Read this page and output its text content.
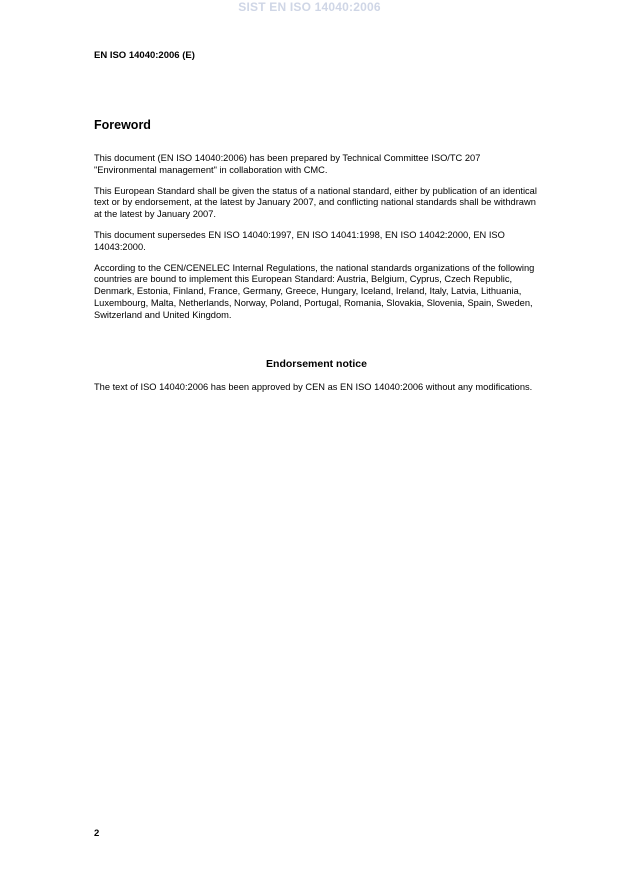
SIST EN ISO 14040:2006
EN ISO 14040:2006 (E)
Foreword

This document (EN ISO 14040:2006) has been prepared by Technical Committee ISO/TC 207 "Environmental management" in collaboration with CMC.

This European Standard shall be given the status of a national standard, either by publication of an identical text or by endorsement, at the latest by January 2007, and conflicting national standards shall be withdrawn at the latest by January 2007.

This document supersedes EN ISO 14040:1997, EN ISO 14041:1998, EN ISO 14042:2000, EN ISO 14043:2000.

According to the CEN/CENELEC Internal Regulations, the national standards organizations of the following countries are bound to implement this European Standard: Austria, Belgium, Cyprus, Czech Republic, Denmark, Estonia, Finland, France, Germany, Greece, Hungary, Iceland, Ireland, Italy, Latvia, Lithuania, Luxembourg, Malta, Netherlands, Norway, Poland, Portugal, Romania, Slovakia, Slovenia, Spain, Sweden, Switzerland and United Kingdom.

Endorsement notice

The text of ISO 14040:2006 has been approved by CEN as EN ISO 14040:2006 without any modifications.

2
